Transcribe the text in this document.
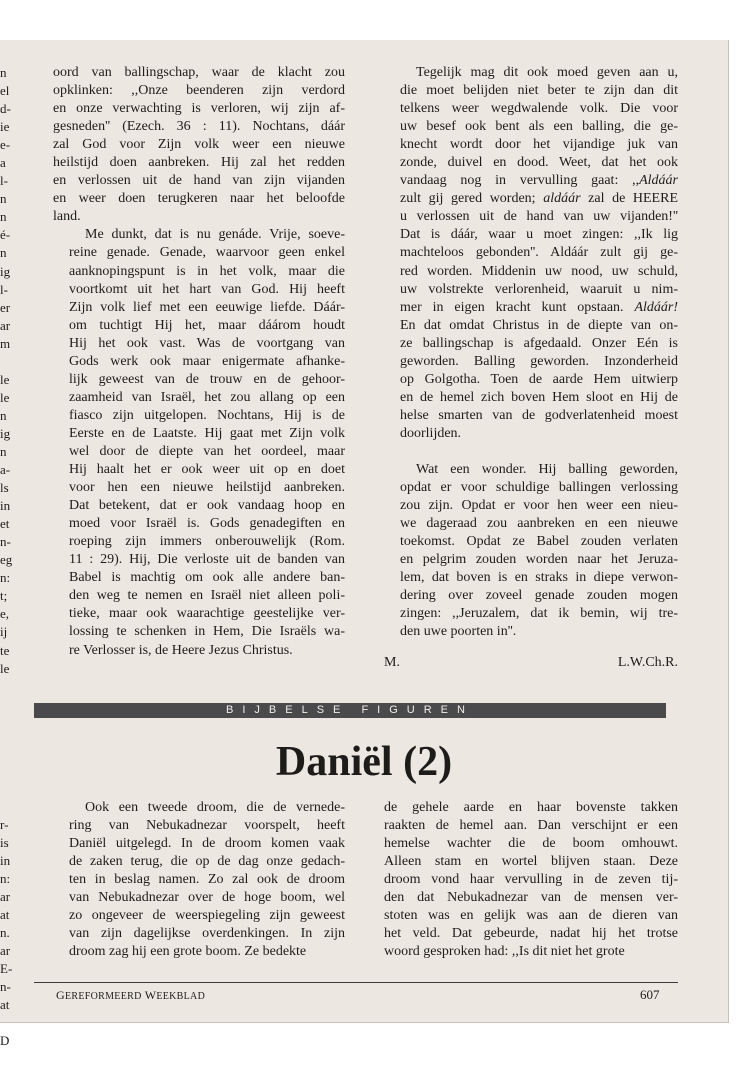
n
el
d-
ie
e-
a
l-
n
n
é-
n
ig
l-
er
ar
m

le
le
n
ig
n
a-
ls
in
et
n-
eg
n:
t;
e,
ij
te
le

r-
is
in
n:
ar
at
n.
ar
E-
n-
at

D

oord van ballingschap, waar de klacht zou
opklinken: ,,Onze beenderen zijn verdord
en onze verwachting is verloren, wij zijn af-
gesneden'' (Ezech. 36 : 11). Nochtans, dáár
zal God voor Zijn volk weer een nieuwe
heilstijd doen aanbreken. Hij zal het redden
en verlossen uit de hand van zijn vijanden
en weer doen terugkeren naar het beloofde
land.

Me dunkt, dat is nu genáde. Vrije, soeve-
reine genade. Genade, waarvoor geen enkel
aanknopingspunt is in het volk, maar die
voortkomt uit het hart van God. Hij heeft
Zijn volk lief met een eeuwige liefde. Dáár-
om tuchtigt Hij het, maar dáárom houdt
Hij het ook vast. Was de voortgang van
Gods werk ook maar enigermate afhanke-
lijk geweest van de trouw en de gehoor-
zaamheid van Israël, het zou allang op een
fiasco zijn uitgelopen. Nochtans, Hij is de
Eerste en de Laatste. Hij gaat met Zijn volk
wel door de diepte van het oordeel, maar
Hij haalt het er ook weer uit op en doet
voor hen een nieuwe heilstijd aanbreken.
Dat betekent, dat er ook vandaag hoop en
moed voor Israël is. Gods genadegiften en
roeping zijn immers onberouwelijk (Rom.
11 : 29). Hij, Die verloste uit de banden van
Babel is machtig om ook alle andere ban-
den weg te nemen en Israël niet alleen poli-
tieke, maar ook waarachtige geestelijke ver-
lossing te schenken in Hem, Die Israëls wa-
re Verlosser is, de Heere Jezus Christus.

Tegelijk mag dit ook moed geven aan u,
die moet belijden niet beter te zijn dan dit
telkens weer wegdwalende volk. Die voor
uw besef ook bent als een balling, die ge-
knecht wordt door het vijandige juk van
zonde, duivel en dood. Weet, dat het ook
vandaag nog in vervulling gaat: ,,Aldáár
zult gij gered worden; aldáár zal de HEERE
u verlossen uit de hand van uw vijanden!''
Dat is dáár, waar u moet zingen: ,,Ik lig
machteloos gebonden''. Aldáár zult gij ge-
red worden. Middenin uw nood, uw schuld,
uw volstrekte verlorenheid, waaruit u nim-
mer in eigen kracht kunt opstaan. Aldáár!
En dat omdat Christus in de diepte van on-
ze ballingschap is afgedaald. Onzer Eén is
geworden. Balling geworden. Inzonderheid
op Golgotha. Toen de aarde Hem uitwierp
en de hemel zich boven Hem sloot en Hij de
helse smarten van de godverlatenheid moest
doorlijden.

Wat een wonder. Hij balling geworden,
opdat er voor schuldige ballingen verlossing
zou zijn. Opdat er voor hen weer een nieu-
we dageraad zou aanbreken en een nieuwe
toekomst. Opdat ze Babel zouden verlaten
en pelgrim zouden worden naar het Jeruza-
lem, dat boven is en straks in diepe verwon-
dering over zoveel genade zouden mogen
zingen: ,,Jeruzalem, dat ik bemin, wij tre-
den uwe poorten in''.

M.	L.W.Ch.R.
BIJBELSE FIGUREN
Daniël (2)

Ook een tweede droom, die de vernede-
ring van Nebukadnezar voorspelt, heeft
Daniël uitgelegd. In de droom komen vaak
de zaken terug, die op de dag onze gedach-
ten in beslag namen. Zo zal ook de droom
van Nebukadnezar over de hoge boom, wel
zo ongeveer de weerspiegeling zijn geweest
van zijn dagelijkse overdenkingen. In zijn
droom zag hij een grote boom. Ze bedekte

de gehele aarde en haar bovenste takken
raakten de hemel aan. Dan verschijnt er een
hemelse wachter die de boom omhouwt.
Alleen stam en wortel blijven staan. Deze
droom vond haar vervulling in de zeven tij-
den dat Nebukadnezar van de mensen ver-
stoten was en gelijk was aan de dieren van
het veld. Dat gebeurde, nadat hij het trotse
woord gesproken had: ,,Is dit niet het grote

GEREFORMEERD WEEKBLAD	607
